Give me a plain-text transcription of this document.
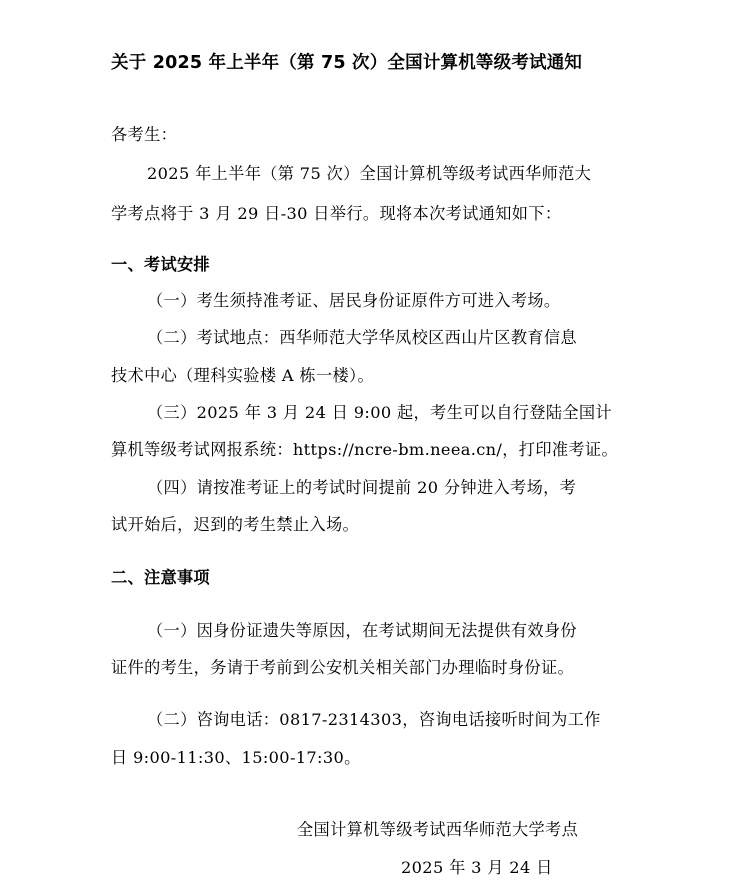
关于 2025 年上半年（第 75 次）全国计算机等级考试通知
各考生：
2025 年上半年（第 75 次）全国计算机等级考试西华师范大
学考点将于 3 月 29 日-30 日举行。现将本次考试通知如下：
一、考试安排
（一）考生须持准考证、居民身份证原件方可进入考场。
（二）考试地点：西华师范大学华凤校区西山片区教育信息
技术中心（理科实验楼 A 栋一楼）。
（三）2025 年 3 月 24 日 9:00 起，考生可以自行登陆全国计
算机等级考试网报系统：https://ncre-bm.neea.cn/，打印准考证。
（四）请按准考证上的考试时间提前 20 分钟进入考场，考
试开始后，迟到的考生禁止入场。
二、注意事项
（一）因身份证遗失等原因，在考试期间无法提供有效身份
证件的考生，务请于考前到公安机关相关部门办理临时身份证。
（二）咨询电话：0817-2314303，咨询电话接听时间为工作
日 9:00-11:30、15:00-17:30。
全国计算机等级考试西华师范大学考点
2025 年 3 月 24 日
